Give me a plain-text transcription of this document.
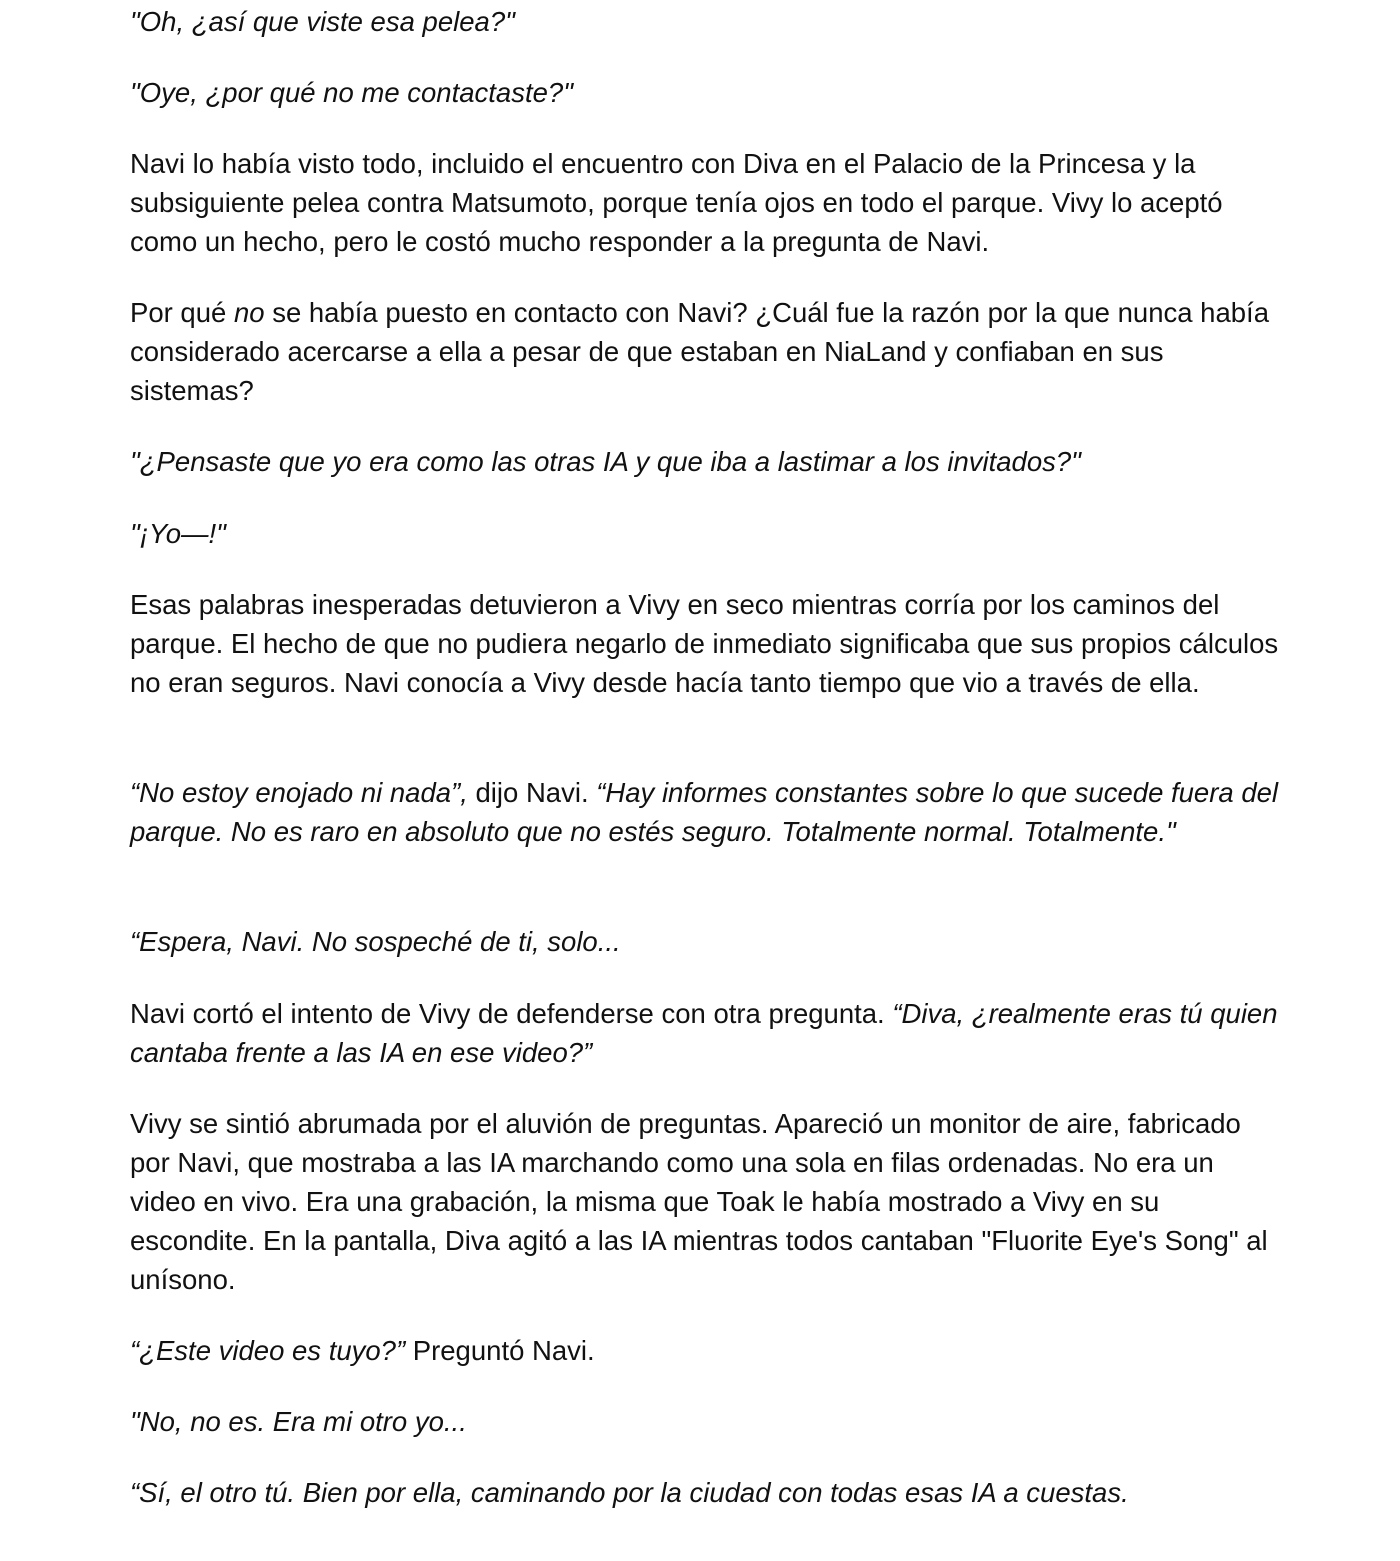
"Oh, ¿así que viste esa pelea?"

"Oye, ¿por qué no me contactaste?"

Navi lo había visto todo, incluido el encuentro con Diva en el Palacio de la Princesa y la subsiguiente pelea contra Matsumoto, porque tenía ojos en todo el parque. Vivy lo aceptó como un hecho, pero le costó mucho responder a la pregunta de Navi.

Por qué no se había puesto en contacto con Navi? ¿Cuál fue la razón por la que nunca había considerado acercarse a ella a pesar de que estaban en NiaLand y confiaban en sus sistemas?

"¿Pensaste que yo era como las otras IA y que iba a lastimar a los invitados?"

"¡Yo—!"

Esas palabras inesperadas detuvieron a Vivy en seco mientras corría por los caminos del parque. El hecho de que no pudiera negarlo de inmediato significaba que sus propios cálculos no eran seguros. Navi conocía a Vivy desde hacía tanto tiempo que vio a través de ella.

“No estoy enojado ni nada”, dijo Navi. “Hay informes constantes sobre lo que sucede fuera del parque. No es raro en absoluto que no estés seguro. Totalmente normal. Totalmente."

“Espera, Navi. No sospeché de ti, solo...

Navi cortó el intento de Vivy de defenderse con otra pregunta. “Diva, ¿realmente eras tú quien cantaba frente a las IA en ese video?”

Vivy se sintió abrumada por el aluvión de preguntas. Apareció un monitor de aire, fabricado por Navi, que mostraba a las IA marchando como una sola en filas ordenadas. No era un video en vivo. Era una grabación, la misma que Toak le había mostrado a Vivy en su escondite. En la pantalla, Diva agitó a las IA mientras todos cantaban "Fluorite Eye's Song" al unísono.

“¿Este video es tuyo?” Preguntó Navi.

"No, no es. Era mi otro yo...

“Sí, el otro tú. Bien por ella, caminando por la ciudad con todas esas IA a cuestas.
